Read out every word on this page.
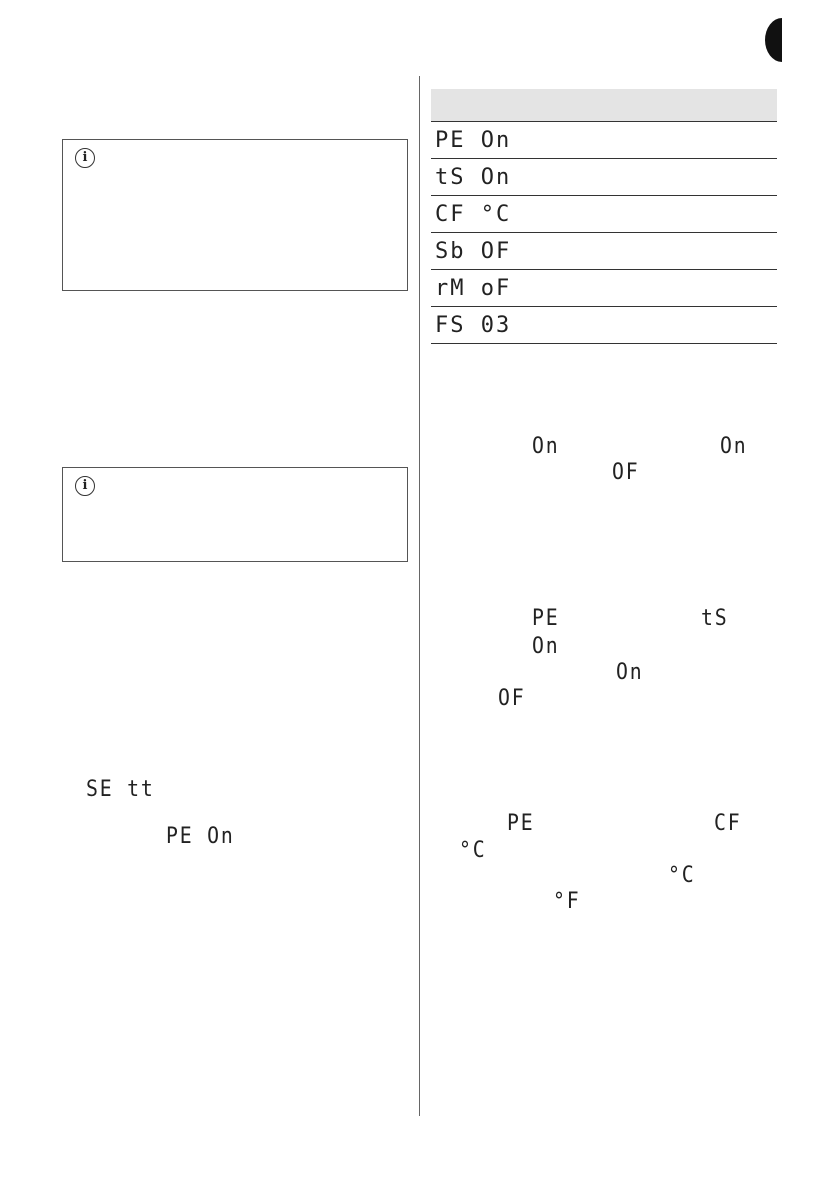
i
i
SE tt
PE On

PE On
tS On
CF °C
Sb OF
rM oF
FS 03
On	On
OF
PE	tS
On
On
OF
PE	CF
°C
°C
°F
